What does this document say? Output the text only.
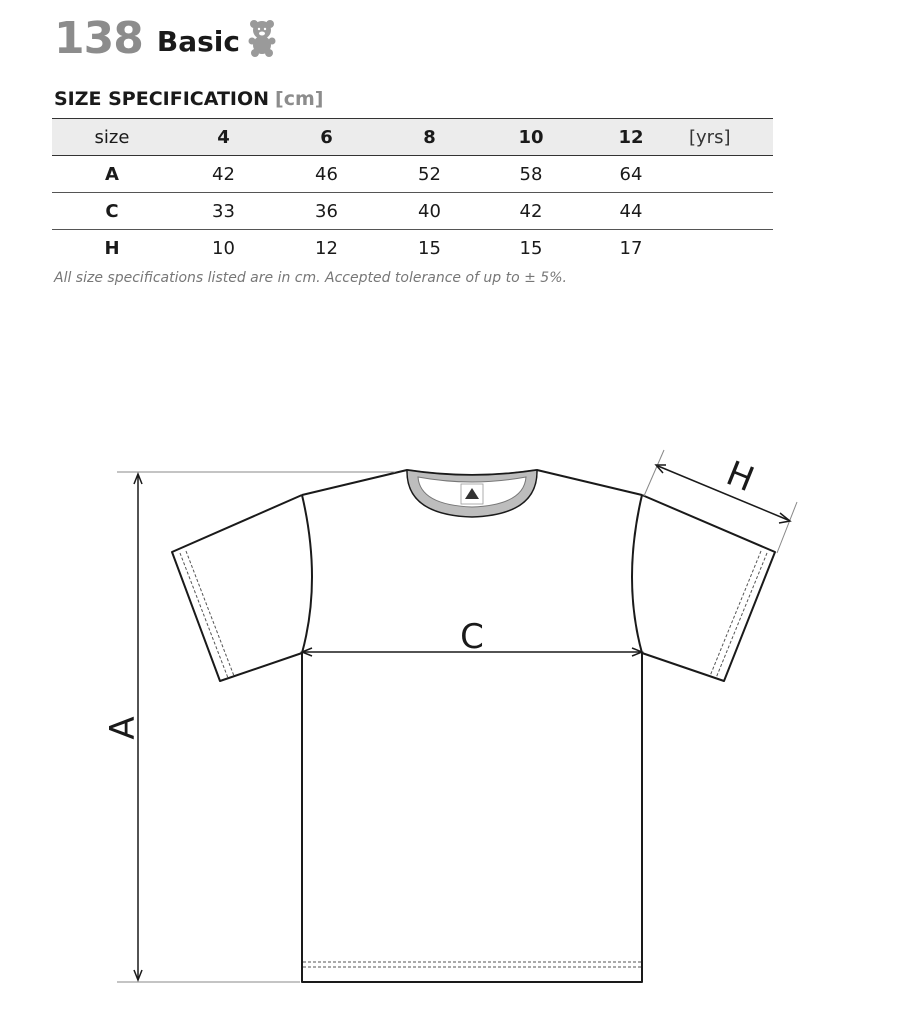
138 Basic
SIZE SPECIFICATION [cm]
size	4	6	8	10	12	[yrs]
A	42	46	52	58	64	
C	33	36	40	42	44	
H	10	12	15	15	17	
All size specifications listed are in cm. Accepted tolerance of up to ± 5%.
A
C
H
